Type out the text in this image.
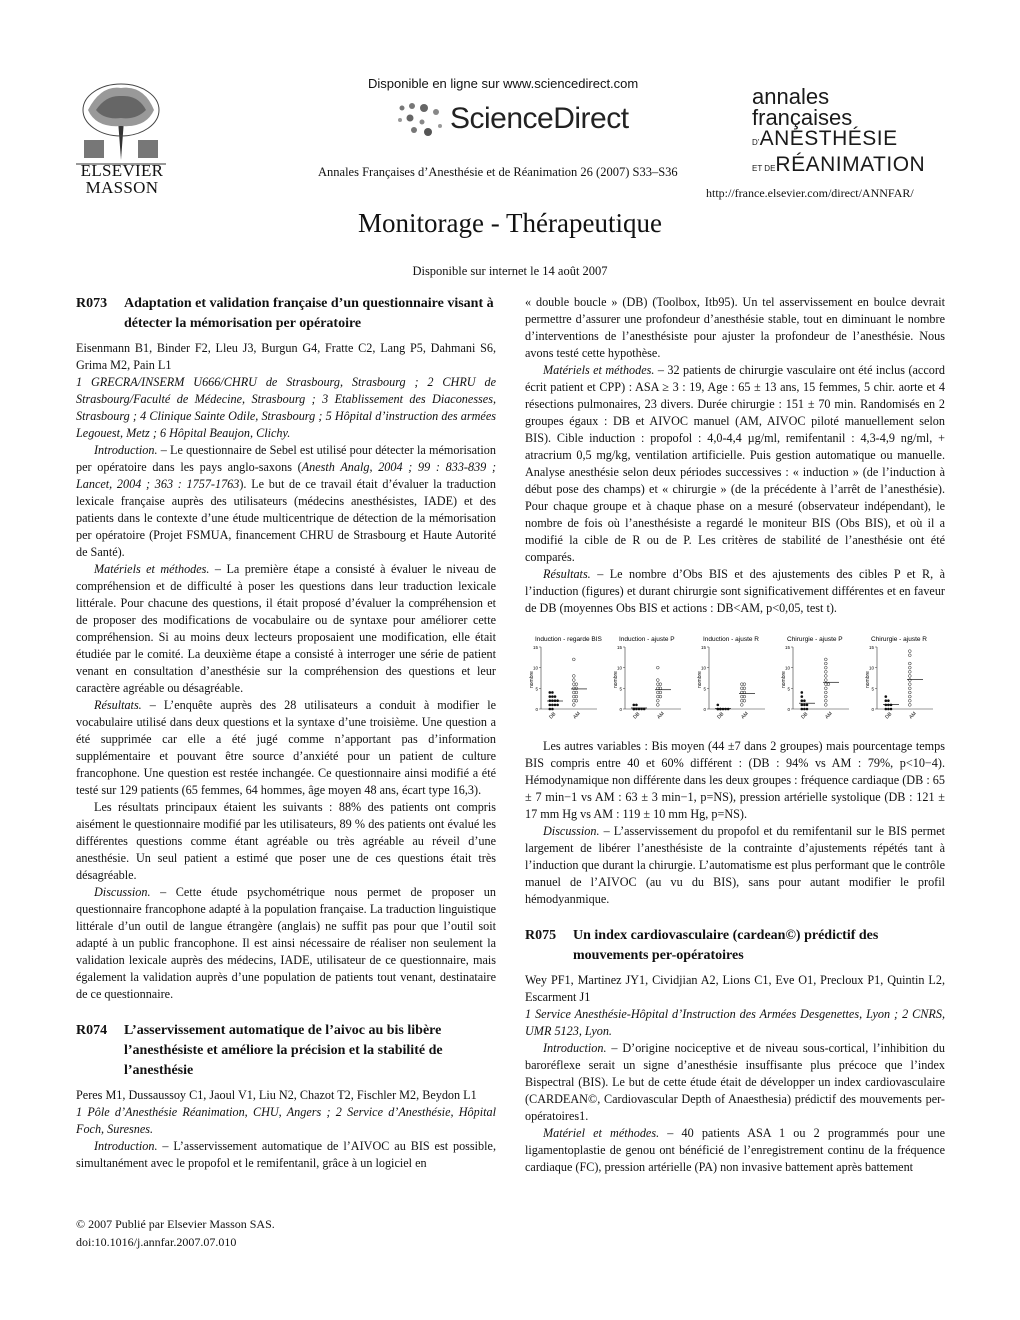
Disponible en ligne sur www.sciencedirect.com
ScienceDirect
Annales Françaises d’Anesthésie et de Réanimation 26 (2007) S33–S36
http://france.elsevier.com/direct/ANNFAR/
ELSEVIER
MASSON
annales
françaises
D’ANESTHÉSIE
ET DERÉANIMATION
Monitorage - Thérapeutique
Disponible sur internet le 14 août 2007
R073	Adaptation et validation française d’un questionnaire visant à détecter la mémorisation per opératoire

Eisenmann B1, Binder F2, Lleu J3, Burgun G4, Fratte C2, Lang P5, Dahmani S6, Grima M2, Pain L1

1 GRECRA/INSERM U666/CHRU de Strasbourg, Strasbourg ; 2 CHRU de Strasbourg/Faculté de Médecine, Strasbourg ; 3 Etablissement des Diaconesses, Strasbourg ; 4 Clinique Sainte Odile, Strasbourg ; 5 Hôpital d’instruction des armées Legouest, Metz ; 6 Hôpital Beaujon, Clichy.

Introduction. – Le questionnaire de Sebel est utilisé pour détecter la mémorisation per opératoire dans les pays anglo-saxons (Anesth Analg, 2004 ; 99 : 833-839 ; Lancet, 2004 ; 363 : 1757-1763). Le but de ce travail était d’évaluer la traduction lexicale française auprès des utilisateurs (médecins anesthésistes, IADE) et des patients dans le contexte d’une étude multicentrique de détection de la mémorisation per opératoire (Projet FSMUA, financement CHRU de Strasbourg et Haute Autorité de Santé).

Matériels et méthodes. – La première étape a consisté à évaluer le niveau de compréhension et de difficulté à poser les questions dans leur traduction lexicale littérale. Pour chacune des questions, il était proposé d’évaluer la compréhension et de proposer des modifications de vocabulaire ou de syntaxe pour améliorer cette compréhension. Si au moins deux lecteurs proposaient une modification, elle était étudiée par le comité. La deuxième étape a consisté à interroger une série de patient venant en consultation d’anesthésie sur la compréhension des questions et leur caractère agréable ou désagréable.

Résultats. – L’enquête auprès des 28 utilisateurs a conduit à modifier le vocabulaire utilisé dans deux questions et la syntaxe d’une troisième. Une question a été supprimée car elle a été jugé comme n’apportant pas d’information supplémentaire et pouvant être source d’anxiété pour un patient de culture francophone. Une question est restée inchangée. Ce questionnaire ainsi modifié a été testé sur 129 patients (65 femmes, 64 hommes, âge moyen 48 ans, écart type 16,3).

Les résultats principaux étaient les suivants : 88% des patients ont compris aisément le questionnaire modifié par les utilisateurs, 89 % des patients ont évalué les différentes questions comme étant agréable ou très agréable au réveil d’une anesthésie. Un seul patient a estimé que poser une de ces questions était très désagréable.

Discussion. – Cette étude psychométrique nous permet de proposer un questionnaire francophone adapté à la population française. La traduction linguistique littérale d’un outil de langue étrangère (anglais) ne suffit pas pour que l’outil soit adapté à un public francophone. Il est ainsi nécessaire de réaliser non seulement la validation lexicale auprès des médecins, IADE, utilisateur de ce questionnaire, mais également la validation auprès d’une population de patients tout venant, destinataire de ce questionnaire.

R074	L’asservissement automatique de l’aivoc au bis libère l’anesthésiste et améliore la précision et la stabilité de l’anesthésie

Peres M1, Dussaussoy C1, Jaoul V1, Liu N2, Chazot T2, Fischler M2, Beydon L1

1 Pôle d’Anesthésie Réanimation, CHU, Angers ; 2 Service d’Anesthésie, Hôpital Foch, Suresnes.

Introduction. – L’asservissement automatique de l’AIVOC au BIS est possible, simultanément avec le propofol et le remifentanil, grâce à un logiciel en

« double boucle » (DB) (Toolbox, Itb95). Un tel asservissement en boulce devrait permettre d’assurer une profondeur d’anesthésie stable, tout en diminuant le nombre d’interventions de l’anesthésiste pour ajuster la profondeur de l’anesthésie. Nous avons testé cette hypothèse.

Matériels et méthodes. – 32 patients de chirurgie vasculaire ont été inclus (accord écrit patient et CPP) : ASA ≥ 3 : 19, Age : 65 ± 13 ans, 15 femmes, 5 chir. aorte et 4 résections pulmonaires, 23 divers. Durée chirurgie : 151 ± 70 min. Randomisés en 2 groupes égaux : DB et AIVOC manuel (AM, AIVOC piloté manuellement selon BIS). Cible induction : propofol : 4,0-4,4 µg/ml, remifentanil : 4,3-4,9 ng/ml, + atracrium 0,5 mg/kg, ventilation artificielle. Puis gestion automatique ou manuelle. Analyse anesthésie selon deux périodes successives : « induction » (de l’induction à début pose des champs) et « chirurgie » (de la précédente à l’arrêt de l’anesthésie). Pour chaque groupe et à chaque phase on a mesuré (observateur indépendant), le nombre de fois où l’anesthésiste a regardé le moniteur BIS (Obs BIS), et où il a modifié la cible de R ou de P. Les critères de stabilité de l’anesthésie ont été comparés.

Résultats. – Le nombre d’Obs BIS et des ajustements des cibles P et R, à l’induction (figures) et durant chirurgie sont significativement différentes et en faveur de DB (moyennes Obs BIS et actions : DB<AM, p<0,05, test t).

Induction - regarde BIS
nombre
0
5
10
15
DB	AM
Induction - ajuste P
nombre
0
5
10
15
DB	AM
Induction - ajuste R
nombre
0
5
10
15
DB	AM
Chirurgie - ajuste P
nombre
0
5
10
15
DB	AM
Chirurgie - ajuste R
nombre
0
5
10
15
DB	AM

Les autres variables : Bis moyen (44 ±7 dans 2 groupes) mais pourcentage temps BIS compris entre 40 et 60% différent : (DB : 94% vs AM : 79%, p<10−4). Hémodynamique non différente dans les deux groupes : fréquence cardiaque (DB : 65 ± 7 min−1 vs AM : 63 ± 3 min−1, p=NS), pression artérielle systolique (DB : 121 ± 17 mm Hg vs AM : 119 ± 10 mm Hg, p=NS).

Discussion. – L’asservissement du propofol et du remifentanil sur le BIS permet largement de libérer l’anesthésiste de la contrainte d’ajustements répétés tant à l’induction que durant la chirurgie. L’automatisme est plus performant que le contrôle manuel de l’AIVOC (au vu du BIS), sans pour autant modifier le profil hémodyanmique.

R075	Un index cardiovasculaire (cardean©) prédictif des mouvements per-opératoires

Wey PF1, Martinez JY1, Cividjian A2, Lions C1, Eve O1, Precloux P1, Quintin L2, Escarment J1

1 Service Anesthésie-Hôpital d’Instruction des Armées Desgenettes, Lyon ; 2 CNRS, UMR 5123, Lyon.

Introduction. – D’origine nociceptive et de niveau sous-cortical, l’inhibition du baroréflexe serait un signe d’anesthésie insuffisante plus précoce que l’index Bispectral (BIS). Le but de cette étude était de développer un index cardiovasculaire (CARDEAN©, Cardiovascular Depth of Anaesthesia) prédictif des mouvements per-opératoires1.

Matériel et méthodes. – 40 patients ASA 1 ou 2 programmés pour une ligamentoplastie de genou ont bénéficié de l’enregistrement continu de la fréquence cardiaque (FC), pression artérielle (PA) non invasive battement après battement

© 2007 Publié par Elsevier Masson SAS.
doi:10.1016/j.annfar.2007.07.010
